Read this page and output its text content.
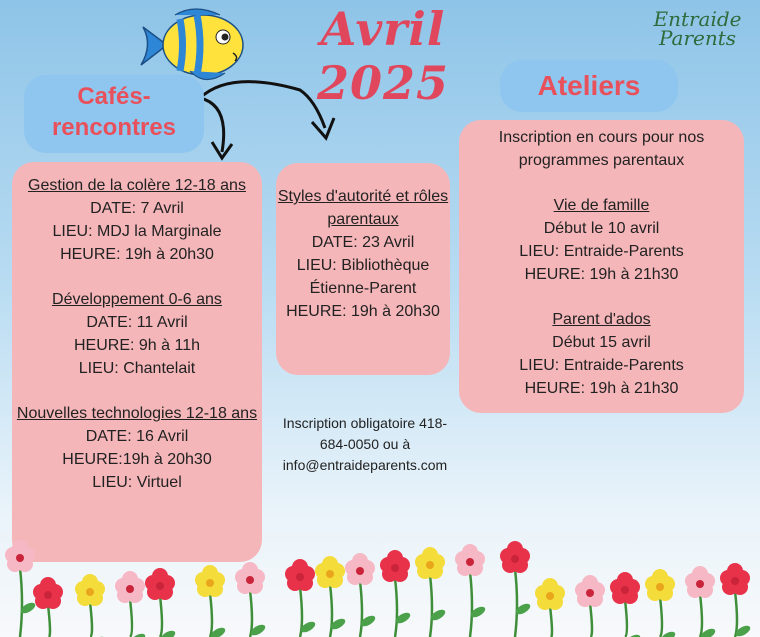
Avril 2025
Entraide
Parents
Cafés-rencontres
Ateliers

Gestion de la colère 12-18 ans

DATE: 7 Avril

LIEU: MDJ la Marginale

HEURE: 19h à 20h30

Développement 0-6 ans

DATE: 11 Avril

HEURE: 9h à 11h

LIEU: Chantelait

Nouvelles technologies 12-18 ans

DATE: 16 Avril

HEURE:19h à 20h30

LIEU: Virtuel

Styles d'autorité et rôles parentaux

DATE: 23 Avril

LIEU: Bibliothèque Étienne-Parent

HEURE: 19h à 20h30

Inscription obligatoire 418-684-0050 ou à info@entraideparents.com

Inscription en cours pour nos programmes parentaux

Vie de famille

Début le 10 avril

LIEU: Entraide-Parents

HEURE: 19h à 21h30

Parent d'ados

Début 15 avril

LIEU: Entraide-Parents

HEURE: 19h à 21h30
